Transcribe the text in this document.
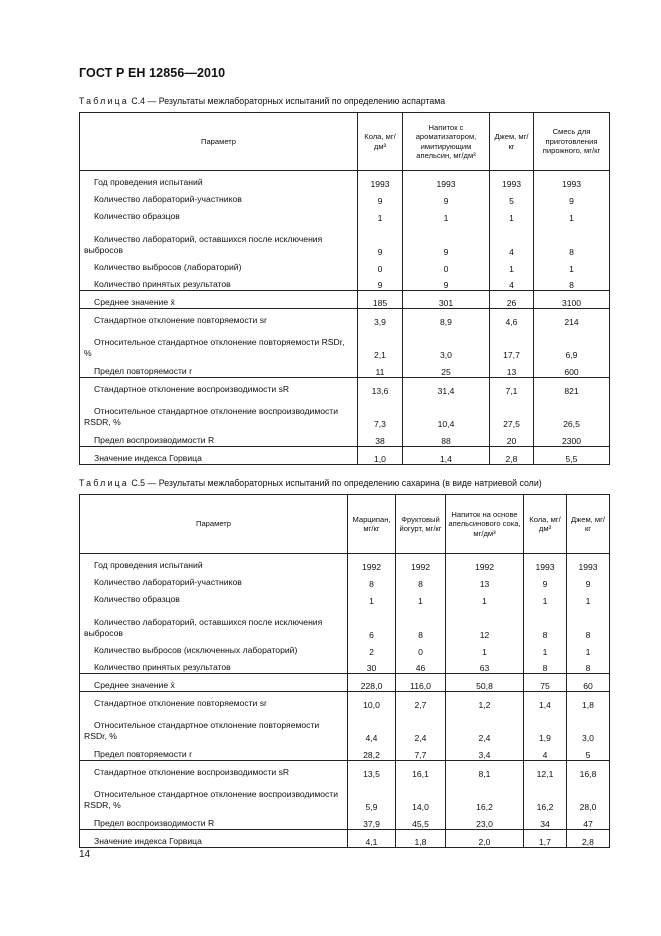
ГОСТ Р ЕН 12856—2010
Таблица С.4 — Результаты межлабораторных испытаний по определению аспартама
Параметр	Кола, мг/дм³	Напиток с ароматизатором, имитирующим апельсин, мг/дм³	Джем, мг/кг	Смесь для приготовления пирожного, мг/кг
Год проведения испытаний	1993	1993	1993	1993
Количество лабораторий-участников	9	9	5	9
Количество образцов	1	1	1	1
Количество лабораторий, оставшихся после исключения выбросов	9	9	4	8
Количество выбросов (лабораторий)	0	0	1	1
Количество принятых результатов	9	9	4	8
Среднее значение x̄	185	301	26	3100
Стандартное отклонение повторяемости sr	3,9	8,9	4,6	214
Относительное стандартное отклонение повторяемости RSDr, %	2,1	3,0	17,7	6,9
Предел повторяемости r	11	25	13	600
Стандартное отклонение воспроизводимости sR	13,6	31,4	7,1	821
Относительное стандартное отклонение воспроизводимости RSDR, %	7,3	10,4	27,5	26,5
Предел воспроизводимости R	38	88	20	2300
Значение индекса Горвица	1,0	1,4	2,8	5,5
Таблица С.5 — Результаты межлабораторных испытаний по определению сахарина (в виде натриевой соли)
Параметр	Марципан, мг/кг	Фруктовый йогурт, мг/кг	Напиток на основе апельсинового сока, мг/дм³	Кола, мг/дм³	Джем, мг/кг
Год проведения испытаний	1992	1992	1992	1993	1993
Количество лабораторий-участников	8	8	13	9	9
Количество образцов	1	1	1	1	1
Количество лабораторий, оставшихся после исключения выбросов	6	8	12	8	8
Количество выбросов (исключенных лабораторий)	2	0	1	1	1
Количество принятых результатов	30	46	63	8	8
Среднее значение x̄	228,0	116,0	50,8	75	60
Стандартное отклонение повторяемости sr	10,0	2,7	1,2	1,4	1,8
Относительное стандартное отклонение повторяемости RSDr, %	4,4	2,4	2,4	1,9	3,0
Предел повторяемости r	28,2	7,7	3,4	4	5
Стандартное отклонение воспроизводимости sR	13,5	16,1	8,1	12,1	16,8
Относительное стандартное отклонение воспроизводимости RSDR, %	5,9	14,0	16,2	16,2	28,0
Предел воспроизводимости R	37,9	45,5	23,0	34	47
Значение индекса Горвица	4,1	1,8	2,0	1,7	2,8
14
